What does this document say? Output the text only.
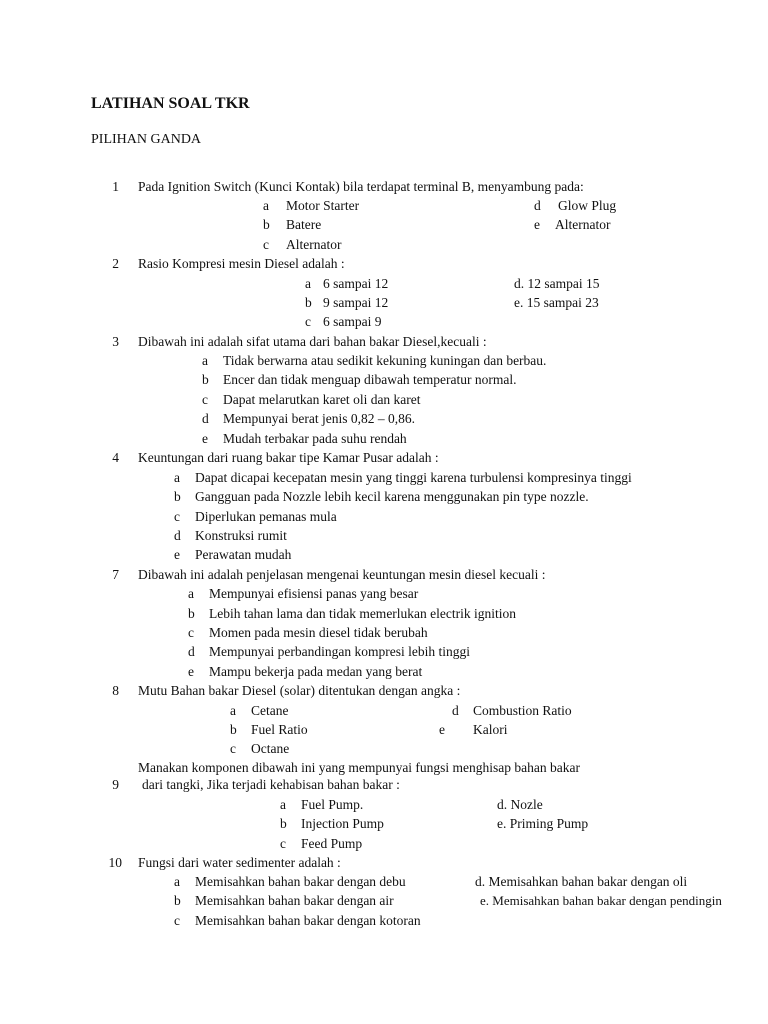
LATIHAN SOAL TKR
PILIHAN GANDA
1 Pada Ignition Switch (Kunci Kontak) bila terdapat terminal B, menyambung pada:
a Motor Starter
b Batere
c Alternator
d Glow Plug
e Alternator
2 Rasio Kompresi mesin Diesel adalah :
a 6 sampai 12
b 9 sampai 12
c 6 sampai 9
d. 12 sampai 15
e. 15 sampai 23
3 Dibawah ini adalah sifat utama dari bahan bakar Diesel,kecuali :
a Tidak berwarna atau sedikit kekuning kuningan dan berbau.
b Encer dan tidak menguap dibawah temperatur normal.
c Dapat melarutkan karet oli dan karet
d Mempunyai berat jenis 0,82 – 0,86.
e Mudah terbakar pada suhu rendah
4 Keuntungan dari ruang bakar tipe Kamar Pusar adalah :
a Dapat dicapai kecepatan mesin yang tinggi karena turbulensi kompresinya tinggi
b Gangguan pada Nozzle lebih kecil karena menggunakan pin type nozzle.
c Diperlukan pemanas mula
d Konstruksi rumit
e Perawatan mudah
7 Dibawah ini adalah penjelasan mengenai keuntungan mesin diesel kecuali :
a Mempunyai efisiensi panas yang besar
b Lebih tahan lama dan tidak memerlukan electrik ignition
c Momen pada mesin diesel tidak berubah
d Mempunyai perbandingan kompresi lebih tinggi
e Mampu bekerja pada medan yang berat
8 Mutu Bahan bakar Diesel (solar) ditentukan dengan angka :
a Cetane
b Fuel Ratio
c Octane
d Combustion Ratio
e Kalori
Manakan komponen dibawah ini yang mempunyai fungsi menghisap bahan bakar
9 dari tangki, Jika terjadi kehabisan bahan bakar :
a Fuel Pump.
b Injection Pump
c Feed Pump
d. Nozle
e. Priming Pump
10 Fungsi dari water sedimenter adalah :
a Memisahkan bahan bakar dengan debu
b Memisahkan bahan bakar dengan air
c Memisahkan bahan bakar dengan kotoran
d. Memisahkan bahan bakar dengan oli
e. Memisahkan bahan bakar dengan pendingin
